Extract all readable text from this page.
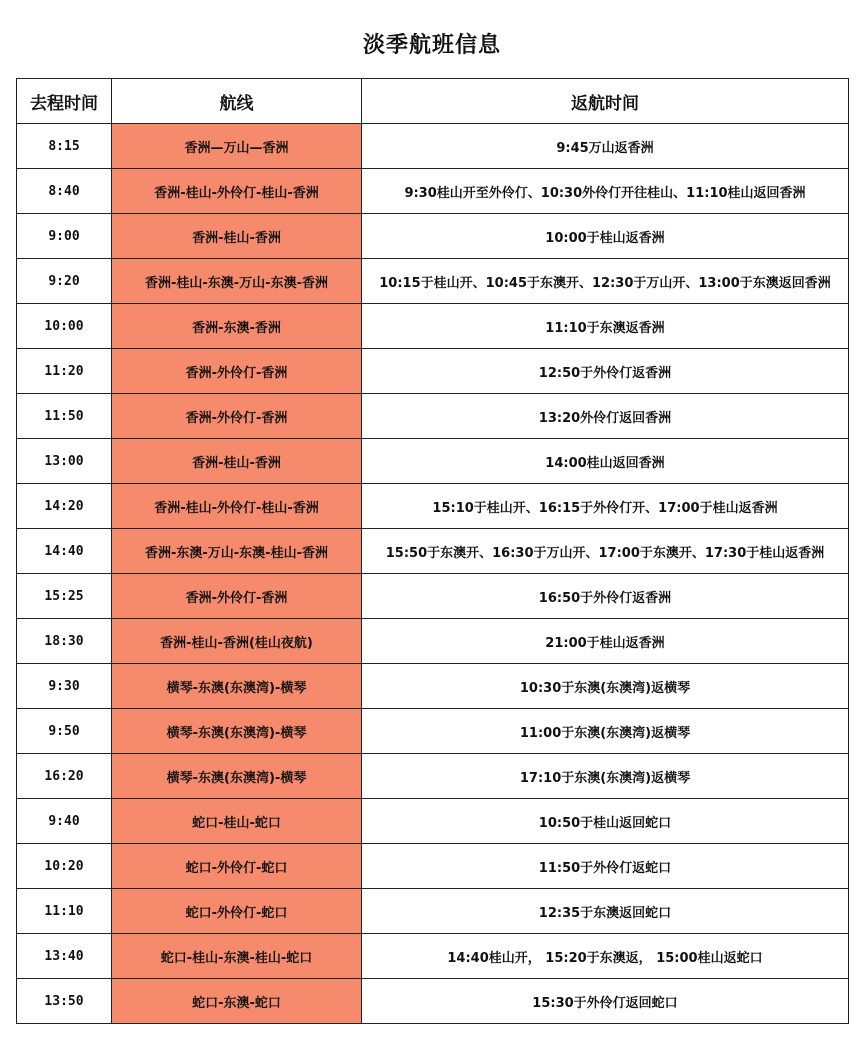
淡季航班信息
去程时间	航线	返航时间
8:15	香洲—万山—香洲	9:45万山返香洲
8:40	香洲-桂山-外伶仃-桂山-香洲	9:30桂山开至外伶仃、10:30外伶仃开往桂山、11:10桂山返回香洲
9:00	香洲-桂山-香洲	10:00于桂山返香洲
9:20	香洲-桂山-东澳-万山-东澳-香洲	10:15于桂山开、10:45于东澳开、12:30于万山开、13:00于东澳返回香洲
10:00	香洲-东澳-香洲	11:10于东澳返香洲
11:20	香洲-外伶仃-香洲	12:50于外伶仃返香洲
11:50	香洲-外伶仃-香洲	13:20外伶仃返回香洲
13:00	香洲-桂山-香洲	14:00桂山返回香洲
14:20	香洲-桂山-外伶仃-桂山-香洲	15:10于桂山开、16:15于外伶仃开、17:00于桂山返香洲
14:40	香洲-东澳-万山-东澳-桂山-香洲	15:50于东澳开、16:30于万山开、17:00于东澳开、17:30于桂山返香洲
15:25	香洲-外伶仃-香洲	16:50于外伶仃返香洲
18:30	香洲-桂山-香洲(桂山夜航)	21:00于桂山返香洲
9:30	横琴-东澳(东澳湾)-横琴	10:30于东澳(东澳湾)返横琴
9:50	横琴-东澳(东澳湾)-横琴	11:00于东澳(东澳湾)返横琴
16:20	横琴-东澳(东澳湾)-横琴	17:10于东澳(东澳湾)返横琴
9:40	蛇口-桂山-蛇口	10:50于桂山返回蛇口
10:20	蛇口-外伶仃-蛇口	11:50于外伶仃返蛇口
11:10	蛇口-外伶仃-蛇口	12:35于东澳返回蛇口
13:40	蛇口-桂山-东澳-桂山-蛇口	14:40桂山开， 15:20于东澳返， 15:00桂山返蛇口
13:50	蛇口-东澳-蛇口	15:30于外伶仃返回蛇口
